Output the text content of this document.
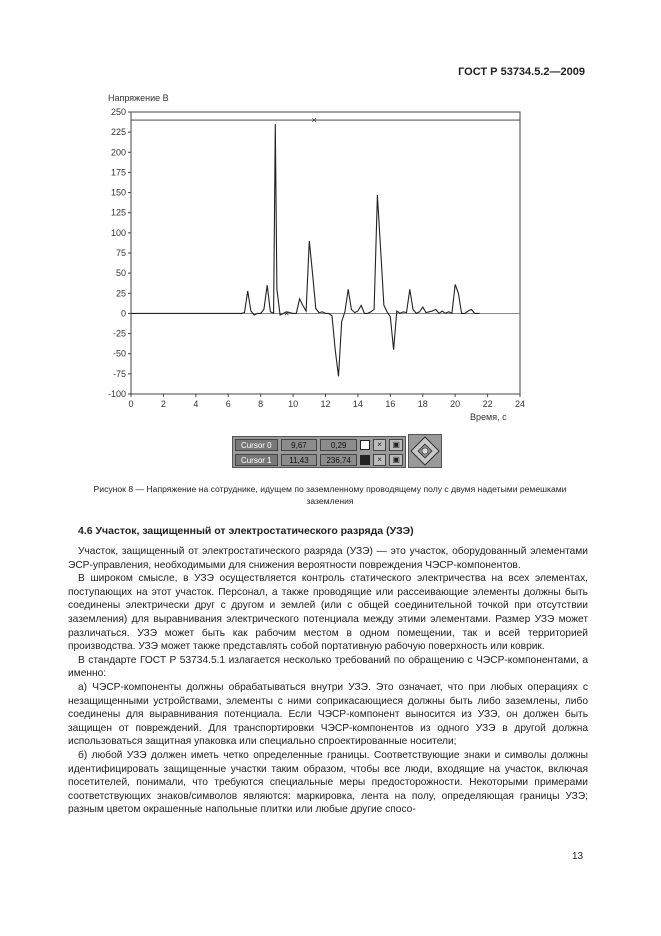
ГОСТ Р 53734.5.2—2009
Напряжение В
Время, с
250
225
200
175
150
125
100
75
50
25
0
-25
-50
-75
-100
0	2	4	6	8	10 12 14 16 18 20 22 24
×
×
Cursor 0	9,67	0,29	×	▣
Cursor 1	11,43	236,74	×	▣
Рисунок 8 — Напряжение на сотруднике, идущем по заземленному проводящему полу с двумя надетыми ремешками заземления
4.6 Участок, защищенный от электростатического разряда (УЗЭ)

Участок, защищенный от электростатического разряда (УЗЭ) — это участок, оборудованный элементами ЭСР-управления, необходимыми для снижения вероятности повреждения ЧЭСР-компонентов.

В широком смысле, в УЗЭ осуществляется контроль статического электричества на всех элементах, поступающих на этот участок. Персонал, а также проводящие или рассеивающие элементы должны быть соединены электрически друг с другом и землей (или с общей соединительной точкой при отсутствии заземления) для выравнивания электрического потенциала между этими элементами. Размер УЗЭ может различаться. УЗЭ может быть как рабочим местом в одном помещении, так и всей территорией производства. УЗЭ может также представлять собой портативную рабочую поверхность или коврик.

В стандарте ГОСТ Р 53734.5.1 излагается несколько требований по обращению с ЧЭСР-компонентами, а именно:

а) ЧЭСР-компоненты должны обрабатываться внутри УЗЭ. Это означает, что при любых операциях с незащищенными устройствами, элементы с ними соприкасающиеся должны быть либо заземлены, либо соединены для выравнивания потенциала. Если ЧЭСР-компонент выносится из УЗЭ, он должен быть защищен от повреждений. Для транспортировки ЧЭСР-компонентов из одного УЗЭ в другой должна использоваться защитная упаковка или специально спроектированные носители;

б) любой УЗЭ должен иметь четко определенные границы. Соответствующие знаки и символы должны идентифицировать защищенные участки таким образом, чтобы все люди, входящие на участок, включая посетителей, понимали, что требуются специальные меры предосторожности. Некоторыми примерами соответствующих знаков/символов являются: маркировка, лента на полу, определяющая границы УЗЭ; разным цветом окрашенные напольные плитки или любые другие спосо-

13
